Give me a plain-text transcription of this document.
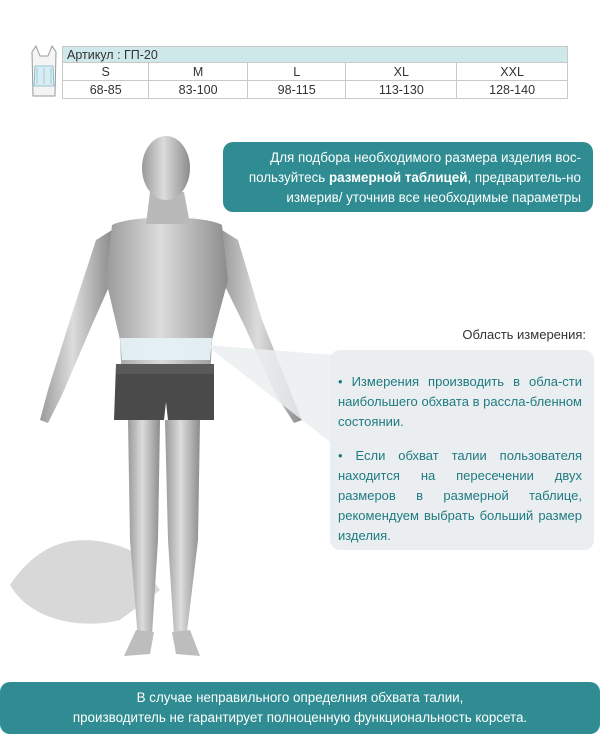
Артикул : ГП-20				
S	M	L	XL	XXL
68-85	83-100	98-115	113-130	128-140
Для подбора необходимого размера изделия вос-пользуйтесь размерной таблицей, предваритель-но измерив/ уточнив все необходимые параметры
Область измерения:

• Измерения производить в обла-сти наибольшего обхвата в рассла-бленном состоянии.

• Если обхват талии пользователя находится на пересечении двух размеров в размерной таблице, рекомендуем выбрать больший размер изделия.

В случае неправильного определния обхвата талии,
производитель не гарантирует полноценную функциональность корсета.
